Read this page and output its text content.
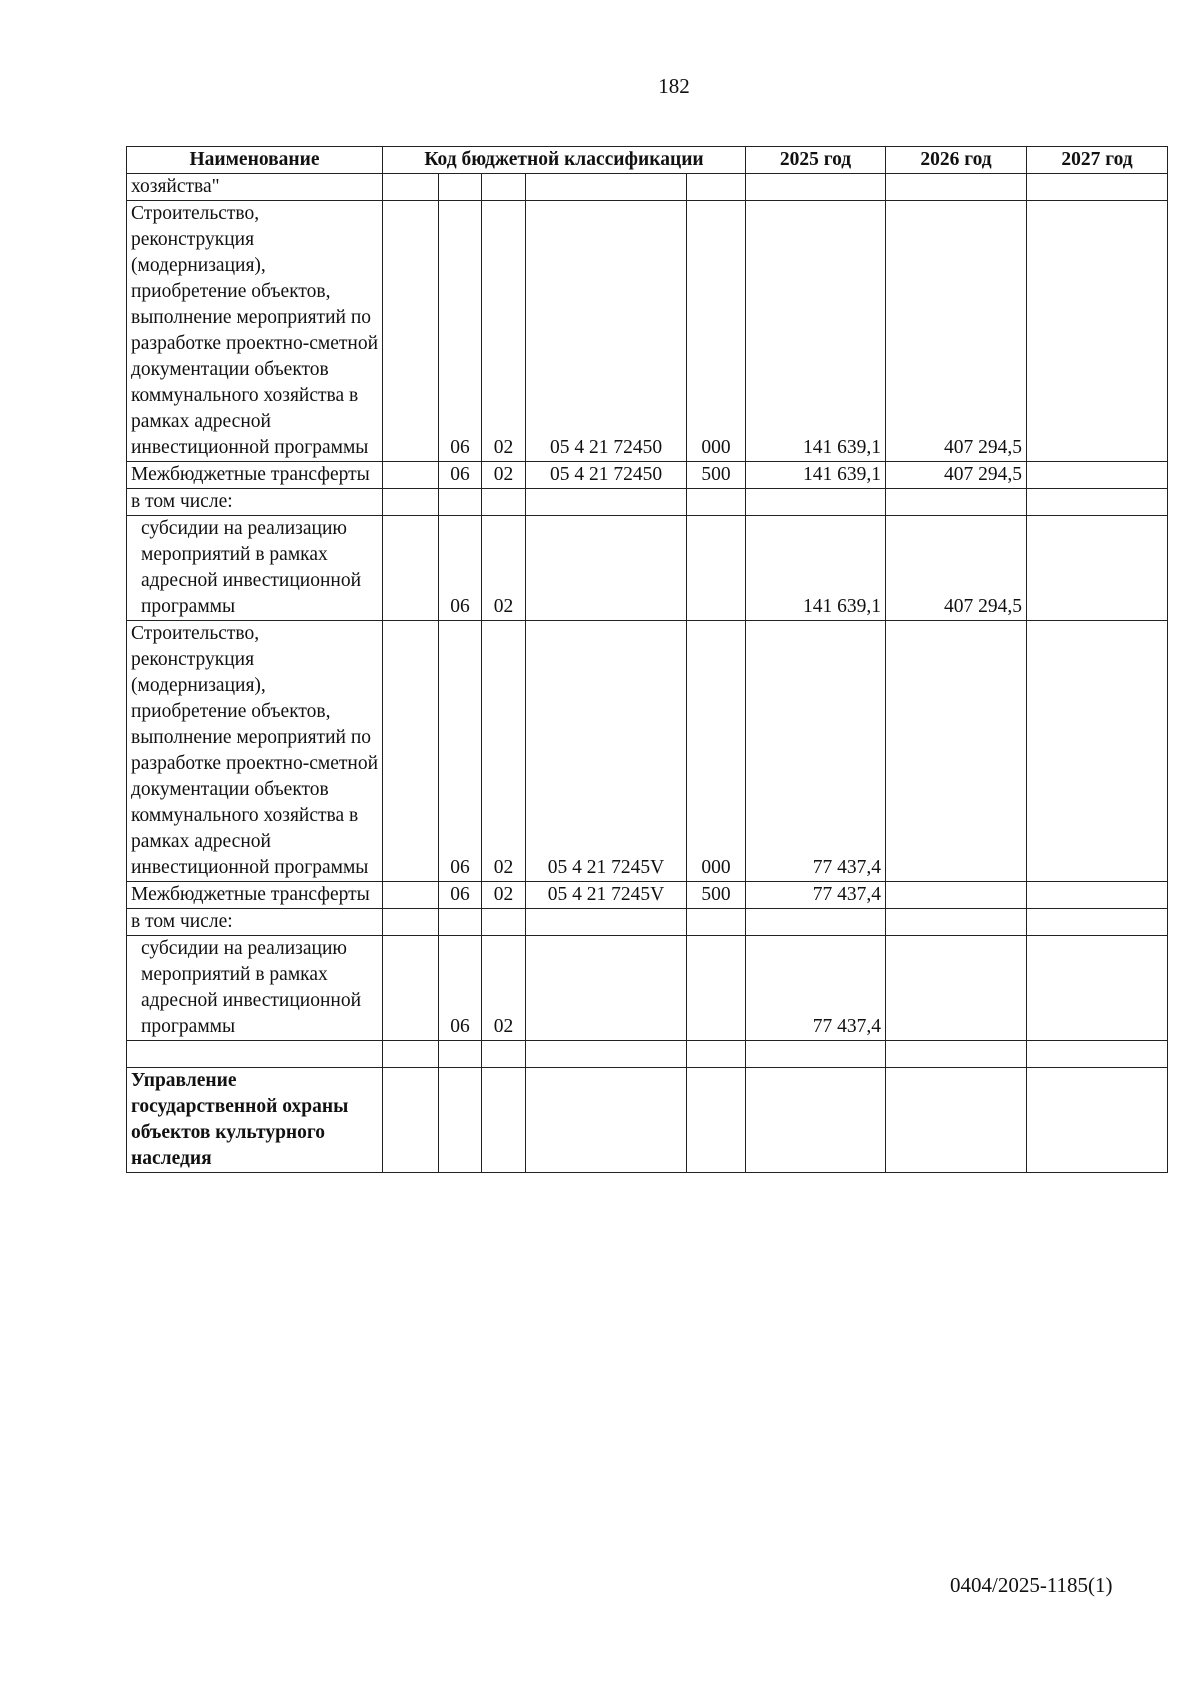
182
Наименование	Код бюджетной классификации					2025 год	2026 год	2027 год
хозяйства"								
Строительство, реконструкция (модернизация), приобретение объектов, выполнение мероприятий по разработке проектно-сметной документации объектов коммунального хозяйства в рамках адресной инвестиционной программы		06	02	05 4 21 72450	000	141 639,1	407 294,5	
Межбюджетные трансферты		06	02	05 4 21 72450	500	141 639,1	407 294,5	
в том числе:								

субсидии на реализацию мероприятий в рамках адресной инвестиционной программы		06	02			141 639,1	407 294,5	
Строительство, реконструкция (модернизация), приобретение объектов, выполнение мероприятий по разработке проектно-сметной документации объектов коммунального хозяйства в рамках адресной инвестиционной программы		06	02	05 4 21 7245V	000	77 437,4		
Межбюджетные трансферты		06	02	05 4 21 7245V	500	77 437,4		
в том числе:								

субсидии на реализацию мероприятий в рамках адресной инвестиционной программы		06	02			77 437,4		

Управление государственной охраны объектов культурного наследия								
0404/2025-1185(1)
